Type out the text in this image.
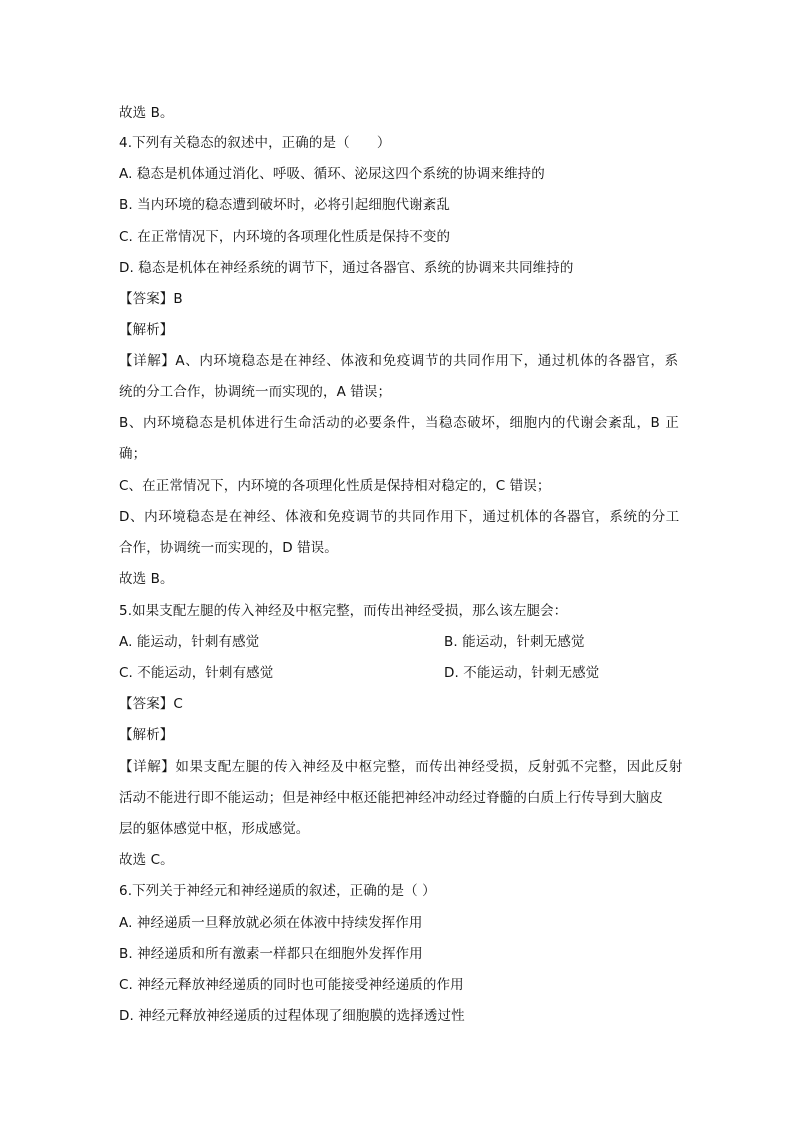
故选 B。
4.下列有关稳态的叙述中，正确的是（　　）
A. 稳态是机体通过消化、呼吸、循环、泌尿这四个系统的协调来维持的
B. 当内环境的稳态遭到破坏时，必将引起细胞代谢紊乱
C. 在正常情况下，内环境的各项理化性质是保持不变的
D. 稳态是机体在神经系统的调节下，通过各器官、系统的协调来共同维持的
【答案】B
【解析】
【详解】A、内环境稳态是在神经、体液和免疫调节的共同作用下，通过机体的各器官，系
统的分工合作，协调统一而实现的，A 错误；
B、内环境稳态是机体进行生命活动的必要条件，当稳态破坏，细胞内的代谢会紊乱，B 正
确；
C、在正常情况下，内环境的各项理化性质是保持相对稳定的，C 错误；
D、内环境稳态是在神经、体液和免疫调节的共同作用下，通过机体的各器官，系统的分工
合作，协调统一而实现的，D 错误。
故选 B。
5.如果支配左腿的传入神经及中枢完整，而传出神经受损，那么该左腿会：
A. 能运动，针刺有感觉	B. 能运动，针刺无感觉
C. 不能运动，针刺有感觉	D. 不能运动，针刺无感觉
【答案】C
【解析】
【详解】如果支配左腿的传入神经及中枢完整，而传出神经受损，反射弧不完整，因此反射
活动不能进行即不能运动；但是神经中枢还能把神经冲动经过脊髓的白质上行传导到大脑皮
层的躯体感觉中枢，形成感觉。
故选 C。
6.下列关于神经元和神经递质的叙述，正确的是（ ）
A. 神经递质一旦释放就必须在体液中持续发挥作用
B. 神经递质和所有激素一样都只在细胞外发挥作用
C. 神经元释放神经递质的同时也可能接受神经递质的作用
D. 神经元释放神经递质的过程体现了细胞膜的选择透过性
